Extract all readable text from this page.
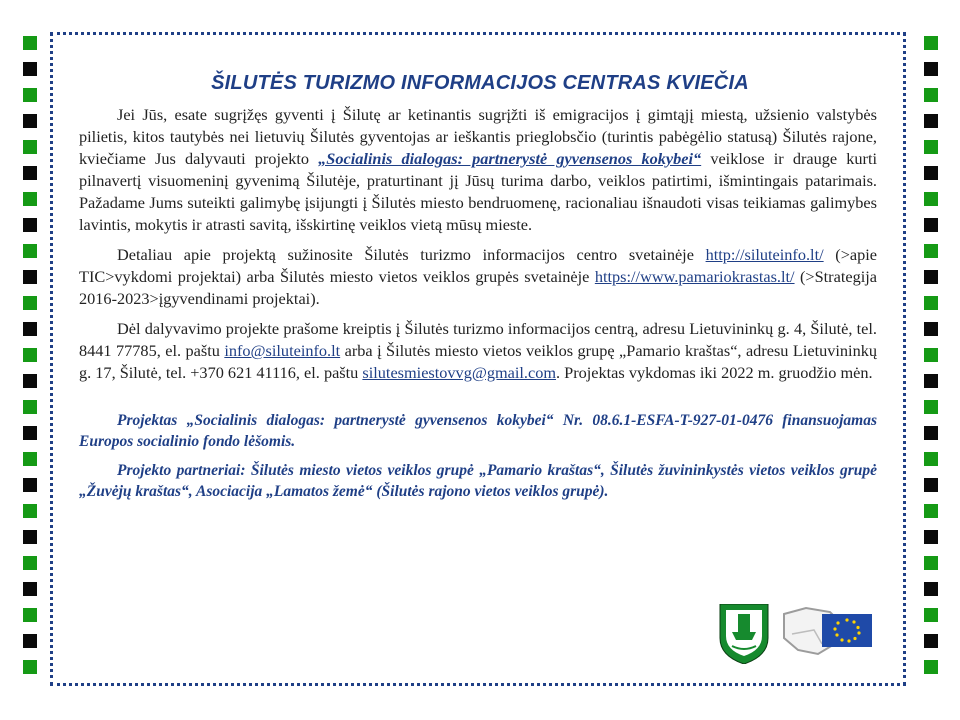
ŠILUTĖS TURIZMO INFORMACIJOS CENTRAS KVIEČIA

Jei Jūs, esate sugrįžęs gyventi į Šilutę ar ketinantis sugrįžti iš emigracijos į gimtąjį miestą, užsienio valstybės pilietis, kitos tautybės nei lietuvių Šilutės gyventojas ar ieškantis prieglobsčio (turintis pabėgėlio statusą) Šilutės rajone, kviečiame Jus dalyvauti projekto „Socialinis dialogas: partnerystė gyvensenos kokybei“ veiklose ir drauge kurti pilnavertį visuomeninį gyvenimą Šilutėje, praturtinant jį Jūsų turima darbo, veiklos patirtimi, išmintingais patarimais. Pažadame Jums suteikti galimybę įsijungti į Šilutės miesto bendruomenę, racionaliau išnaudoti visas teikiamas galimybes lavintis, mokytis ir atrasti savitą, išskirtinę veiklos vietą mūsų mieste.

Detaliau apie projektą sužinosite Šilutės turizmo informacijos centro svetainėje http://siluteinfo.lt/ (>apie TIC>vykdomi projektai) arba Šilutės miesto vietos veiklos grupės svetainėje https://www.pamariokrastas.lt/ (>Strategija 2016-2023>įgyvendinami projektai).

Dėl dalyvavimo projekte prašome kreiptis į Šilutės turizmo informacijos centrą, adresu Lietuvininkų g. 4, Šilutė, tel. 8441 77785, el. paštu info@siluteinfo.lt arba į Šilutės miesto vietos veiklos grupę „Pamario kraštas“, adresu Lietuvininkų g. 17, Šilutė, tel. +370 621 41116, el. paštu silutesmiestovvg@gmail.com. Projektas vykdomas iki 2022 m. gruodžio mėn.

Projektas „Socialinis dialogas: partnerystė gyvensenos kokybei“ Nr. 08.6.1-ESFA-T-927-01-0476 finansuojamas Europos socialinio fondo lėšomis.

Projekto partneriai: Šilutės miesto vietos veiklos grupė „Pamario kraštas“, Šilutės žuvininkystės vietos veiklos grupė „Žuvėjų kraštas“, Asociacija „Lamatos žemė“ (Šilutės rajono vietos veiklos grupė).
